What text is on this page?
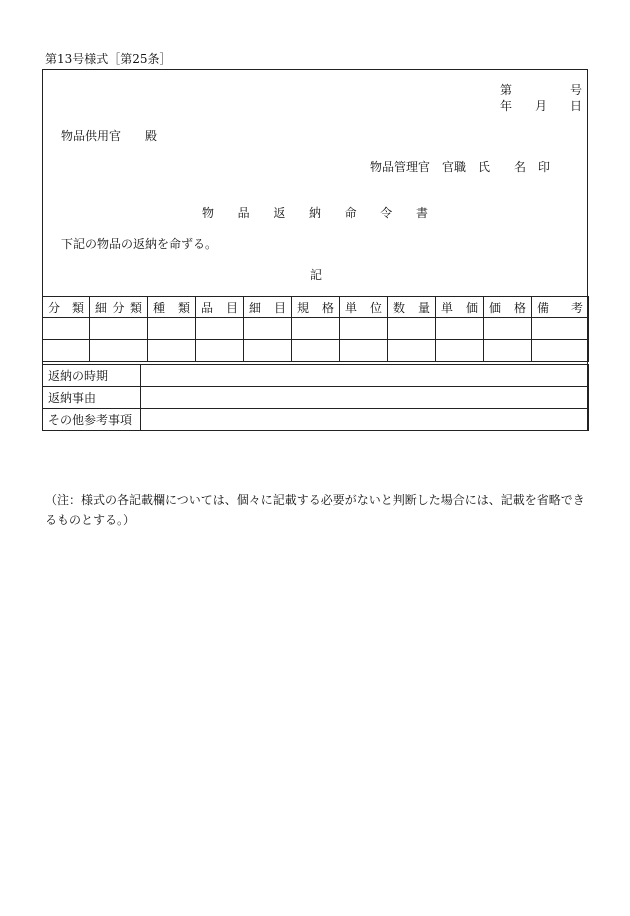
第13号様式［第25条］
第	号
年 月 日
物品供用官　　殿
物品管理官　官職　氏　　名　印
物 品 返 納 命 令 書
下記の物品の返納を命ずる。
記
分 類	細 分 類	種 類	品 目	細 目	規 格	単 位	数 量	単 価	価 格	備 考

返納の時期	
返納事由	
その他参考事項	
（注：様式の各記載欄については、個々に記載する必要がないと判断した場合には、記載を省略できるものとする。）
